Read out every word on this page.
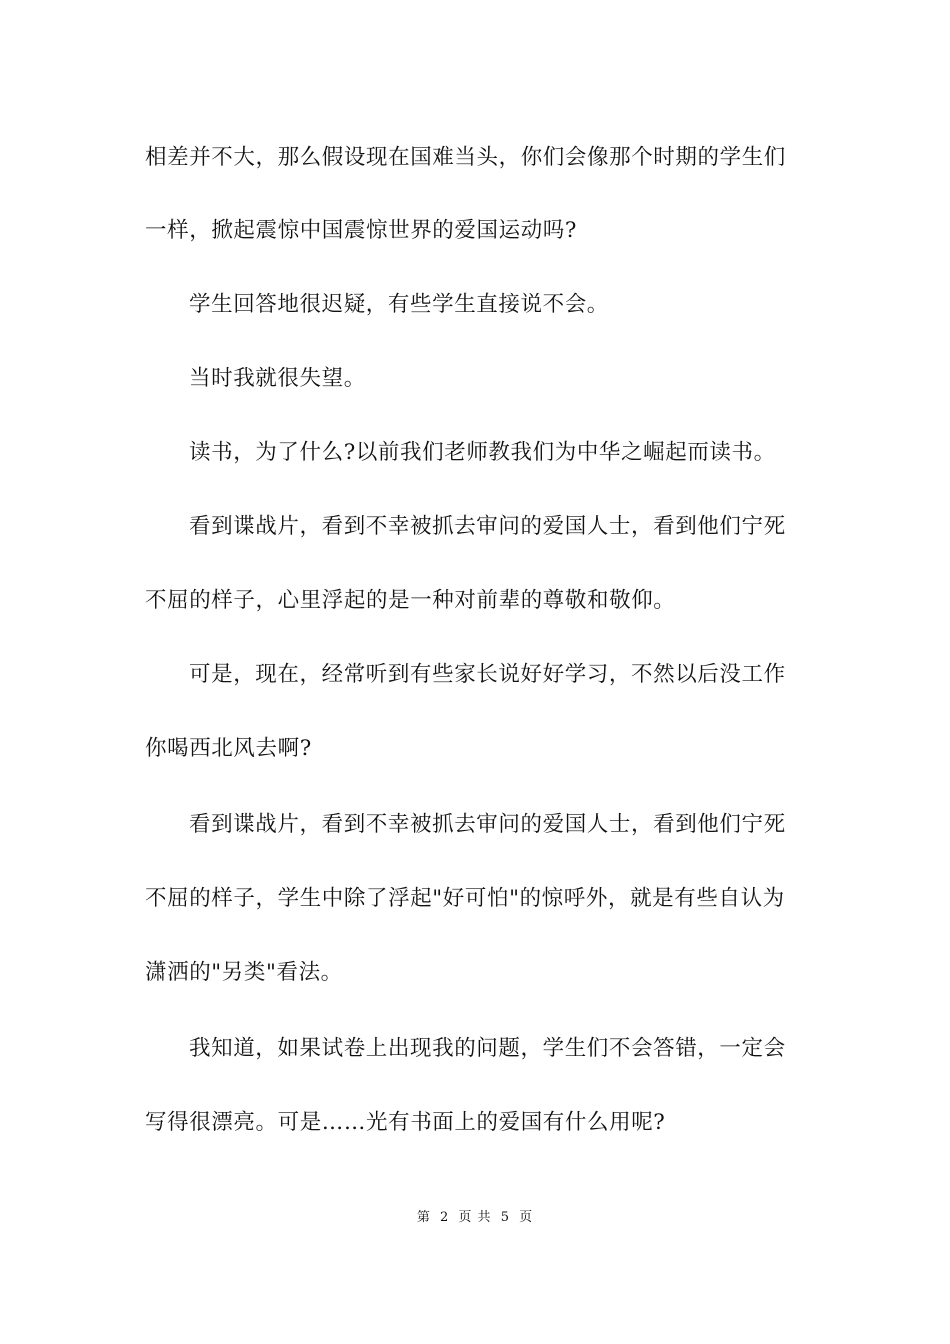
相差并不大，那么假设现在国难当头，你们会像那个时期的学生们
一样，掀起震惊中国震惊世界的爱国运动吗?
学生回答地很迟疑，有些学生直接说不会。
当时我就很失望。
读书，为了什么?以前我们老师教我们为中华之崛起而读书。
看到谍战片，看到不幸被抓去审问的爱国人士，看到他们宁死
不屈的样子，心里浮起的是一种对前辈的尊敬和敬仰。
可是，现在，经常听到有些家长说好好学习，不然以后没工作
你喝西北风去啊?
看到谍战片，看到不幸被抓去审问的爱国人士，看到他们宁死
不屈的样子，学生中除了浮起"好可怕"的惊呼外，就是有些自认为
潇洒的"另类"看法。
我知道，如果试卷上出现我的问题，学生们不会答错，一定会
写得很漂亮。可是……光有书面上的爱国有什么用呢?
第 2 页 共 5 页
